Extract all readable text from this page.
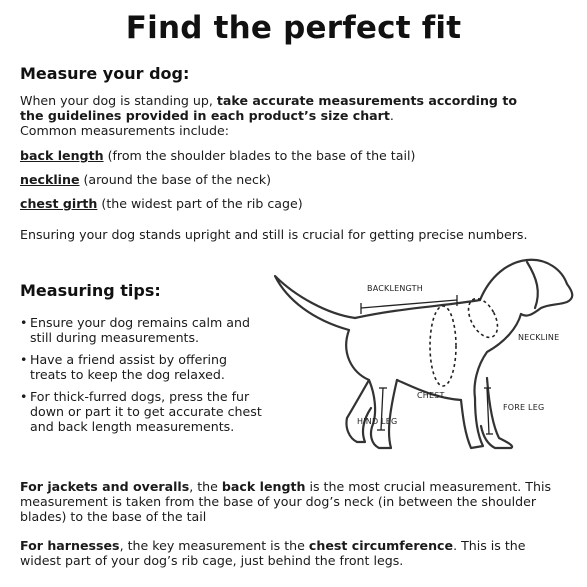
Find the perfect fit
Measure your dog:
When your dog is standing up, take accurate measurements according to the guidelines provided in each product’s size chart.
Common measurements include:
back length (from the shoulder blades to the base of the tail)
neckline (around the base of the neck)
chest girth (the widest part of the rib cage)
Ensuring your dog stands upright and still is crucial for getting precise numbers.
Measuring tips:
• Ensure your dog remains calm and still during measurements.
• Have a friend assist by offering treats to keep the dog relaxed.
• For thick-furred dogs, press the fur down or part it to get accurate chest and back length measurements.
BACKLENGTH
NECKLINE
CHEST
FORE LEG
HIND LEG
For jackets and overalls, the back length is the most crucial measurement. This measurement is taken from the base of your dog’s neck (in between the shoulder blades) to the base of the tail
For harnesses, the key measurement is the chest circumference. This is the widest part of your dog’s rib cage, just behind the front legs.
